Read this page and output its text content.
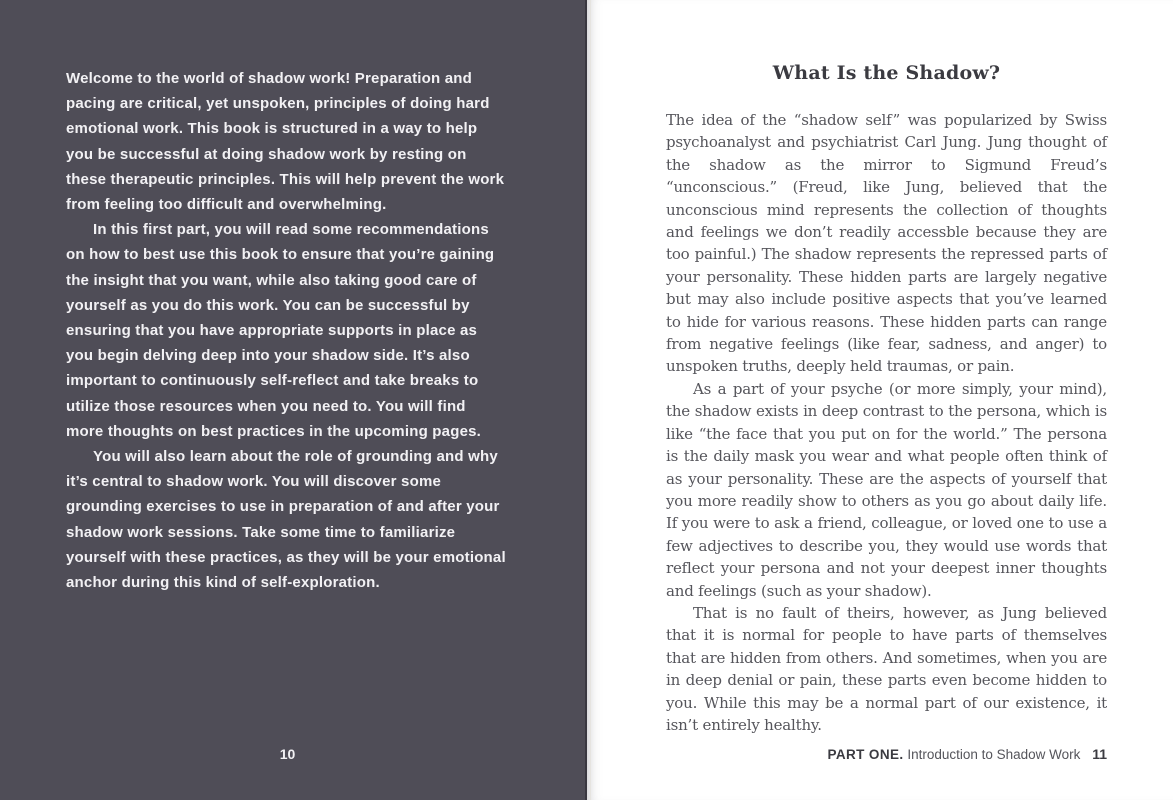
Welcome to the world of shadow work! Preparation and pacing are critical, yet unspoken, principles of doing hard emotional work. This book is structured in a way to help you be successful at doing shadow work by resting on these therapeutic principles. This will help prevent the work from feeling too difficult and overwhelming.

In this first part, you will read some recommendations on how to best use this book to ensure that you’re gaining the insight that you want, while also taking good care of yourself as you do this work. You can be successful by ensuring that you have appropriate supports in place as you begin delving deep into your shadow side. It’s also important to continuously self-reflect and take breaks to utilize those resources when you need to. You will find more thoughts on best practices in the upcoming pages.

You will also learn about the role of grounding and why it’s central to shadow work. You will discover some grounding exercises to use in preparation of and after your shadow work sessions. Take some time to familiarize yourself with these practices, as they will be your emotional anchor during this kind of self-exploration.

10
What Is the Shadow?

The idea of the “shadow self” was popularized by Swiss psychoanalyst and psychiatrist Carl Jung. Jung thought of the shadow as the mirror to Sigmund Freud’s “unconscious.” (Freud, like Jung, believed that the unconscious mind represents the collection of thoughts and feelings we don’t readily accessble because they are too painful.) The shadow represents the repressed parts of your personality. These hidden parts are largely negative but may also include positive aspects that you’ve learned to hide for various reasons. These hidden parts can range from negative feelings (like fear, sadness, and anger) to unspoken truths, deeply held traumas, or pain.

As a part of your psyche (or more simply, your mind), the shadow exists in deep contrast to the persona, which is like “the face that you put on for the world.” The persona is the daily mask you wear and what people often think of as your personality. These are the aspects of yourself that you more readily show to others as you go about daily life. If you were to ask a friend, colleague, or loved one to use a few adjectives to describe you, they would use words that reflect your persona and not your deepest inner thoughts and feelings (such as your shadow).

That is no fault of theirs, however, as Jung believed that it is normal for people to have parts of themselves that are hidden from others. And sometimes, when you are in deep denial or pain, these parts even become hidden to you. While this may be a normal part of our existence, it isn’t entirely healthy.

PART ONE. Introduction to Shadow Work 11
